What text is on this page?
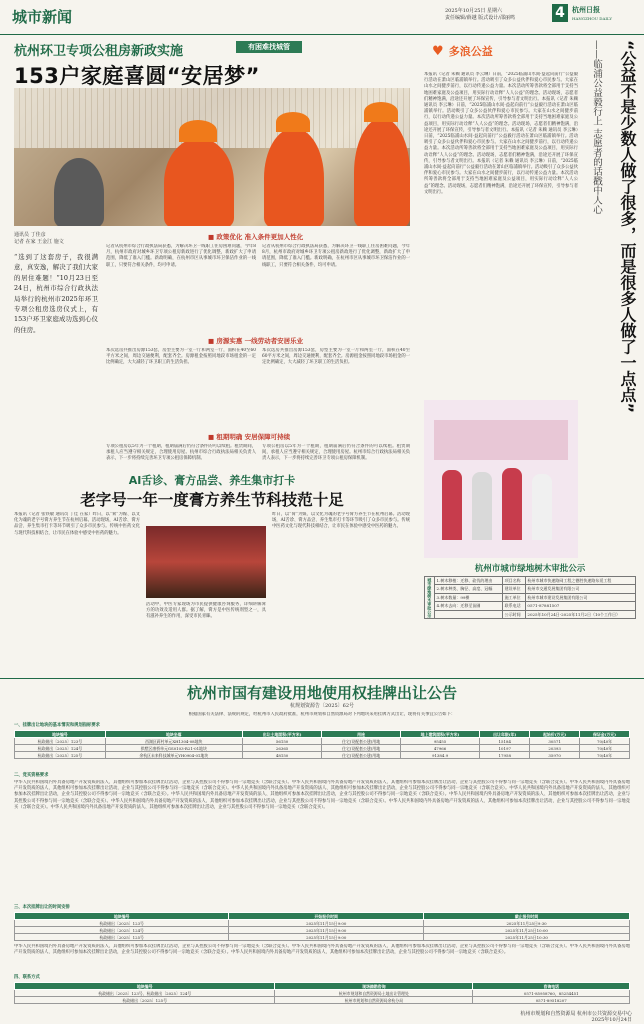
城市新闻	2025年10月25日 星期六
责任编辑/薛越 版式设计/邵丽鸣	4	杭州日报
HANGZHOU DAILY
杭州环卫专项公租房新政实施	有困难找城管
153户家庭喜圆“安居梦”
通讯员 丁佳彦
记者 在家 王金江 施文
“选到了这套房子，我很满意，真安逸，解决了我们大家的居住难题！”10月23日至24日，杭州市综合行政执法局举行的杭州市2025年环卫专项公租房选房仪式上，有153户环卫家庭成功选到心仪的住房。
■ 政策优化 准入条件更加人性化
记者从杭州市综合行政执法局获悉，为解决环卫一线职工住房困难问题，今年8月，杭州市政府对城乡环卫专项公租房新政进行了优化调整，新政扩大了申请范围，降低了准入门槛。新政明确，在杭州市区从事城市环卫保洁作业的一线职工，只要符合相关条件，均可申请。
记者从杭州市综合行政执法局获悉，为解决环卫一线职工住房困难问题，今年8月，杭州市政府对城乡环卫专项公租房新政进行了优化调整，新政扩大了申请范围，降低了准入门槛。新政明确，在杭州市区从事城市环卫保洁作业的一线职工，只要符合相关条件，均可申请。
■ 房源实惠 一线劳动者安居乐业
本次选房共推出房源153套，房型主要为一室一厅和两室一厅，面积在40至60平方米之间，周边交通便利，配套齐全。房源租金按照同地段市场租金的一定比例确定，大大减轻了环卫职工的生活负担。
本次选房共推出房源153套，房型主要为一室一厅和两室一厅，面积在40至60平方米之间，周边交通便利，配套齐全。房源租金按照同地段市场租金的一定比例确定，大大减轻了环卫职工的生活负担。
■ 租期明确 安居保障可持续
专项公租房以5年为一个租期，租期届满后仍符合条件的可以续租。租赁期间，承租人应当遵守相关规定，合理使用房屋。杭州市综合行政执法局相关负责人表示，下一步将持续完善环卫专项公租房保障机制。
专项公租房以5年为一个租期，租期届满后仍符合条件的可以续租。租赁期间，承租人应当遵守相关规定，合理使用房屋。杭州市综合行政执法局相关负责人表示，下一步将持续完善环卫专项公租房保障机制。
AI舌诊、膏方品尝、养生集市打卡
老字号一年一度膏方养生节科技范十足
本报讯（记者 张铁敏 通讯员 丁佳 在家）昨日，以“膏”为媒、以文化为魂的老字号膏方养生节在杭州启幕。活动现场，AI舌诊、膏方品尝、养生集市打卡等环节吸引了众多市民参与。传统中医药文化与现代科技相结合，让市民在体验中感受中医药的魅力。
活动中，中医专家现场为市民提供健康咨询服务，详细讲解膏方的功效及适用人群。据了解，膏方是中医传统剂型之一，具有滋补养生的作用，深受市民青睐。
昨日，以“膏”为媒、以文化为魂的老字号膏方养生节在杭州启幕。活动现场，AI舌诊、膏方品尝、养生集市打卡等环节吸引了众多市民参与。传统中医药文化与现代科技相结合，让市民在体验中感受中医药的魅力。
“公益不是少数人做了很多，而是很多人做了一点点”
——临浦公益毅行上 志愿者的话戳中人心
♥ 多浪公益
本报讯（记者 朱赖 通讯员 李云琳）日前，“2025临浦山水间·益起向前行”公益毅行活动在萧山区临浦镇举行。活动吸引了众多公益伙伴和爱心市民参与。大家在山水之间健步前行，以行动传递公益力量。本次活动所筹善款将全部用于支持当地困难家庭及公益项目，用实际行动诠释“人人公益”的理念。活动现场，志愿者们精神饱满，沿途还开展了环保宣传，引导参与者文明出行。本报讯（记者 朱赖 通讯员 李云琳）日前，“2025临浦山水间·益起向前行”公益毅行活动在萧山区临浦镇举行。活动吸引了众多公益伙伴和爱心市民参与。大家在山水之间健步前行，以行动传递公益力量。本次活动所筹善款将全部用于支持当地困难家庭及公益项目，用实际行动诠释“人人公益”的理念。活动现场，志愿者们精神饱满，沿途还开展了环保宣传，引导参与者文明出行。本报讯（记者 朱赖 通讯员 李云琳）日前，“2025临浦山水间·益起向前行”公益毅行活动在萧山区临浦镇举行。活动吸引了众多公益伙伴和爱心市民参与。大家在山水之间健步前行，以行动传递公益力量。本次活动所筹善款将全部用于支持当地困难家庭及公益项目，用实际行动诠释“人人公益”的理念。活动现场，志愿者们精神饱满，沿途还开展了环保宣传，引导参与者文明出行。本报讯（记者 朱赖 通讯员 李云琳）日前，“2025临浦山水间·益起向前行”公益毅行活动在萧山区临浦镇举行。活动吸引了众多公益伙伴和爱心市民参与。大家在山水之间健步前行，以行动传递公益力量。本次活动所筹善款将全部用于支持当地困难家庭及公益项目，用实际行动诠释“人人公益”的理念。活动现场，志愿者们精神饱满，沿途还开展了环保宣传，引导参与者文明出行。
杭州市城市绿地树木审批公示
城市绿地树木审批公示	1.树木移植：迁移、砍伐的理由	项目名称	杭州市城市快速路网工程之德胜快速路东延工程
	2.树木种类、胸径、高度、冠幅	建设单位	杭州市交通发展集团有限公司
	3.树木数量：99棵	施工单位	杭州市城市建设发展集团有限公司
	4.树木去向：迁移至苗圃	联系电话	0571-87881507
		公示时间	2025年10月24日-2025年11月2日（10个工作日）
杭州市国有建设用地使用权挂牌出让公告
杭规划资源告〔2025〕62号
根据国家有关法律、法规的规定，经杭州市人民政府批准，杭州市规划和自然资源局对下列地块采用挂牌方式出让，现将有关事宜公告如下：
一、挂牌出让地块的基本情况和规划指标要求
地块编号	地块坐落	出让土地面积(平方米)	用途	地上建筑面积(平方米)	出让年限(年)	起始价(万元)	保证金(万元)
杭政储出〔2025〕123号	西湖区蒋村单元XH1304-08地块	56150	住宅(设配套公建)用地	95455	15184	30571	70/40年
杭政储出〔2025〕124号	拱墅区康桥单元GS0103-R21-01地块	26365	住宅(设配套公建)用地	47966	10197	20393	70/40年
杭政储出〔2025〕125号	余杭区未来科技城单元YH0904-01地块	48150	住宅(设配套公建)用地	91384.9	17958	35970	70/40年
二、竞买资格要求
中华人民共和国境内外具备房地产开发资质的法人、其他组织可参加本次挂牌出让活动，企业与其控股公司不得参与同一宗地竞买（含联合竞买）。中华人民共和国境内外具备房地产开发资质的法人、其他组织可参加本次挂牌出让活动，企业与其控股公司不得参与同一宗地竞买（含联合竞买）。中华人民共和国境内外具备房地产开发资质的法人、其他组织可参加本次挂牌出让活动，企业与其控股公司不得参与同一宗地竞买（含联合竞买）。中华人民共和国境内外具备房地产开发资质的法人、其他组织可参加本次挂牌出让活动，企业与其控股公司不得参与同一宗地竞买（含联合竞买）。中华人民共和国境内外具备房地产开发资质的法人、其他组织可参加本次挂牌出让活动，企业与其控股公司不得参与同一宗地竞买（含联合竞买）。中华人民共和国境内外具备房地产开发资质的法人、其他组织可参加本次挂牌出让活动，企业与其控股公司不得参与同一宗地竞买（含联合竞买）。中华人民共和国境内外具备房地产开发资质的法人、其他组织可参加本次挂牌出让活动，企业与其控股公司不得参与同一宗地竞买（含联合竞买）。中华人民共和国境内外具备房地产开发资质的法人、其他组织可参加本次挂牌出让活动，企业与其控股公司不得参与同一宗地竞买（含联合竞买）。中华人民共和国境内外具备房地产开发资质的法人、其他组织可参加本次挂牌出让活动，企业与其控股公司不得参与同一宗地竞买（含联合竞买）。中华人民共和国境内外具备房地产开发资质的法人、其他组织可参加本次挂牌出让活动，企业与其控股公司不得参与同一宗地竞买（含联合竞买）。
三、本次挂牌出让的时间安排
地块编号	开始报价时间	截止报价时间
杭政储出〔2025〕123号	2025年11月15日9:00	2025年11月25日9:30
杭政储出〔2025〕124号	2025年11月15日9:00	2025年11月25日10:00
杭政储出〔2025〕125号	2025年11月15日9:00	2025年11月25日10:30
中华人民共和国境内外具备房地产开发资质的法人、其他组织可参加本次挂牌出让活动，企业与其控股公司不得参与同一宗地竞买（含联合竞买）。中华人民共和国境内外具备房地产开发资质的法人、其他组织可参加本次挂牌出让活动，企业与其控股公司不得参与同一宗地竞买（含联合竞买）。中华人民共和国境内外具备房地产开发资质的法人、其他组织可参加本次挂牌出让活动，企业与其控股公司不得参与同一宗地竞买（含联合竞买）。中华人民共和国境内外具备房地产开发资质的法人、其他组织可参加本次挂牌出让活动，企业与其控股公司不得参与同一宗地竞买（含联合竞买）。
四、联系方式
地块编号	现场踏勘咨询	咨询电话
杭政储出〔2025〕123号、杭政储出〔2025〕124号	杭州市规划和自然资源局土地出让管理处	0571-85958760，85254451
杭政储出〔2025〕125号	杭州市规划和自然资源局余杭分局	0571-89518207
杭州市规划和自然资源局 杭州市公共资源交易中心
2025年10月24日
